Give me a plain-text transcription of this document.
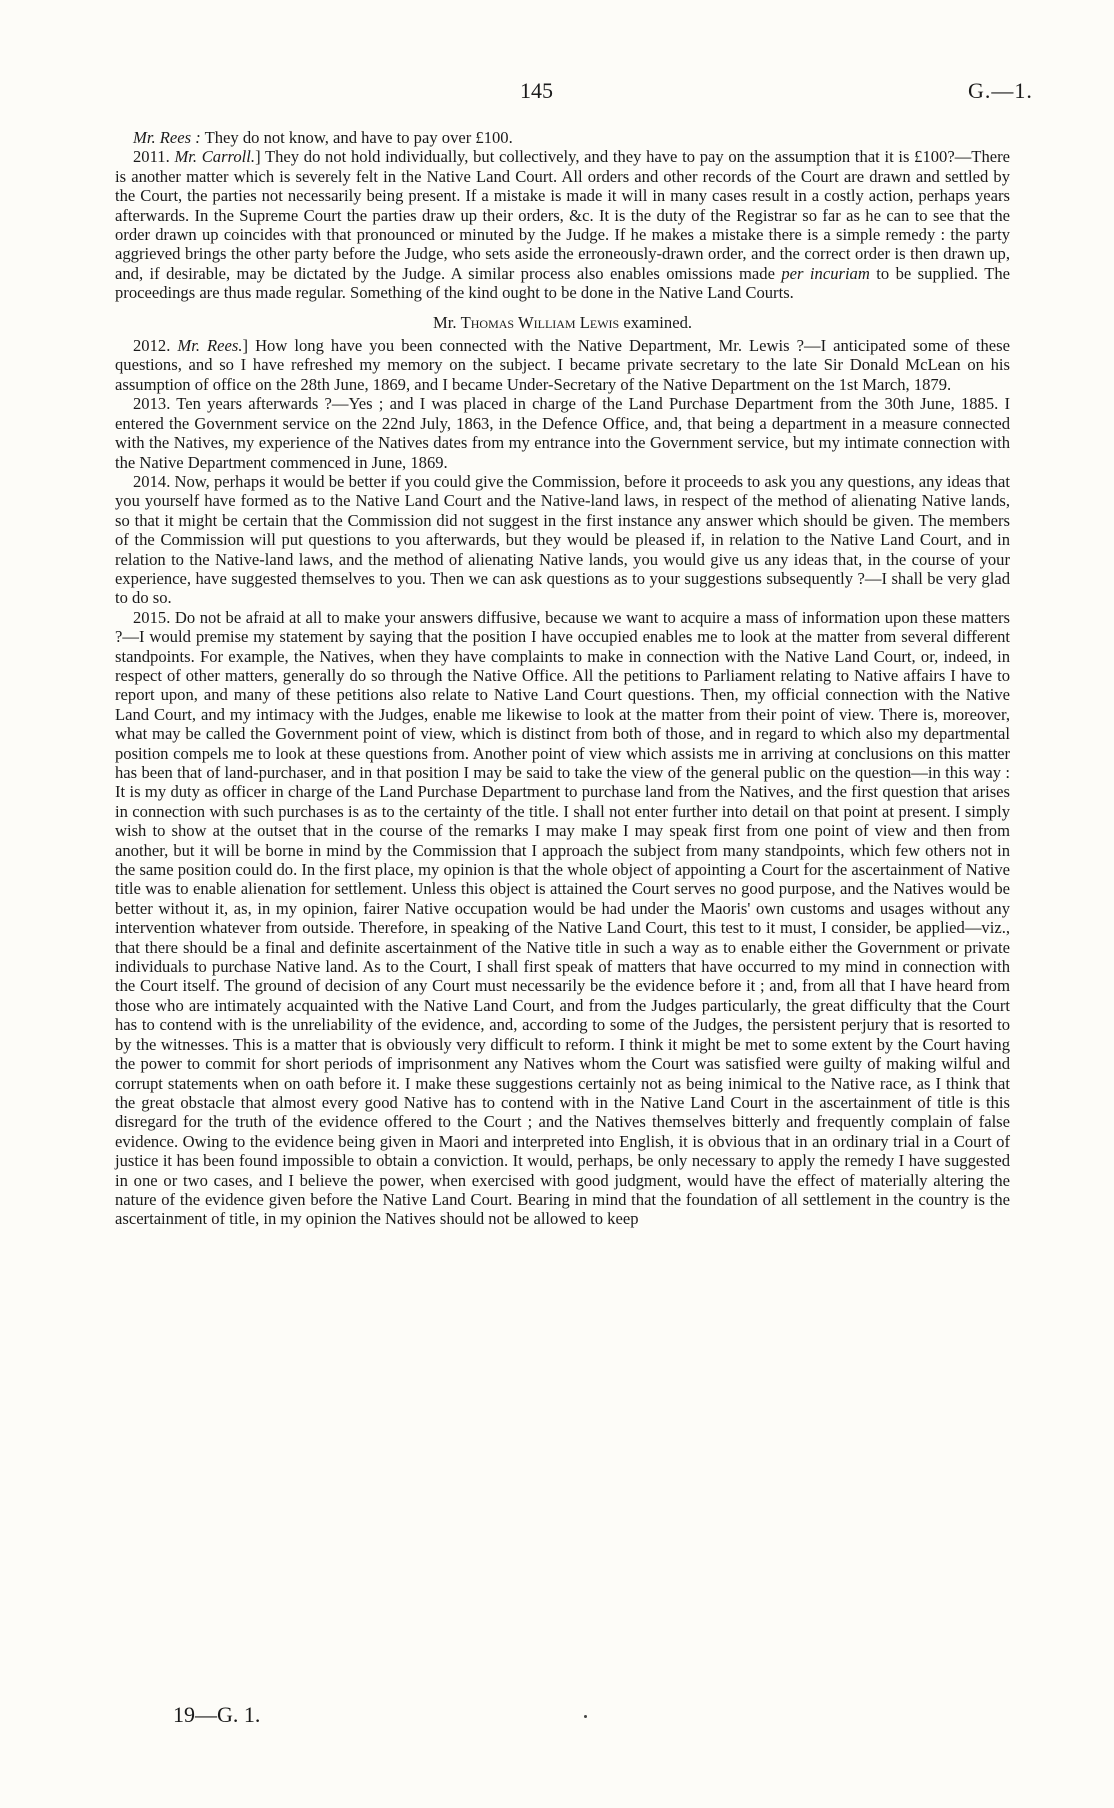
145	G.—1.

Mr. Rees : They do not know, and have to pay over £100.

2011. Mr. Carroll.] They do not hold individually, but collectively, and they have to pay on the assumption that it is £100?—There is another matter which is severely felt in the Native Land Court. All orders and other records of the Court are drawn and settled by the Court, the parties not necessarily being present. If a mistake is made it will in many cases result in a costly action, perhaps years afterwards. In the Supreme Court the parties draw up their orders, &c. It is the duty of the Registrar so far as he can to see that the order drawn up coincides with that pronounced or minuted by the Judge. If he makes a mistake there is a simple remedy : the party aggrieved brings the other party before the Judge, who sets aside the erroneously-drawn order, and the correct order is then drawn up, and, if desirable, may be dictated by the Judge. A similar process also enables omissions made per incuriam to be supplied. The proceedings are thus made regular. Something of the kind ought to be done in the Native Land Courts.

Mr. Thomas William Lewis examined.

2012. Mr. Rees.] How long have you been connected with the Native Department, Mr. Lewis ?—I anticipated some of these questions, and so I have refreshed my memory on the subject. I became private secretary to the late Sir Donald McLean on his assumption of office on the 28th June, 1869, and I became Under-Secretary of the Native Department on the 1st March, 1879.

2013. Ten years afterwards ?—Yes ; and I was placed in charge of the Land Purchase Department from the 30th June, 1885. I entered the Government service on the 22nd July, 1863, in the Defence Office, and, that being a department in a measure connected with the Natives, my experience of the Natives dates from my entrance into the Government service, but my intimate connection with the Native Department commenced in June, 1869.

2014. Now, perhaps it would be better if you could give the Commission, before it proceeds to ask you any questions, any ideas that you yourself have formed as to the Native Land Court and the Native-land laws, in respect of the method of alienating Native lands, so that it might be certain that the Commission did not suggest in the first instance any answer which should be given. The members of the Commission will put questions to you afterwards, but they would be pleased if, in relation to the Native Land Court, and in relation to the Native-land laws, and the method of alienating Native lands, you would give us any ideas that, in the course of your experience, have suggested themselves to you. Then we can ask questions as to your suggestions subsequently ?—I shall be very glad to do so.

2015. Do not be afraid at all to make your answers diffusive, because we want to acquire a mass of information upon these matters ?—I would premise my statement by saying that the position I have occupied enables me to look at the matter from several different standpoints. For example, the Natives, when they have complaints to make in connection with the Native Land Court, or, indeed, in respect of other matters, generally do so through the Native Office. All the petitions to Parliament relating to Native affairs I have to report upon, and many of these petitions also relate to Native Land Court questions. Then, my official connection with the Native Land Court, and my intimacy with the Judges, enable me likewise to look at the matter from their point of view. There is, moreover, what may be called the Government point of view, which is distinct from both of those, and in regard to which also my departmental position compels me to look at these questions from. Another point of view which assists me in arriving at conclusions on this matter has been that of land-purchaser, and in that position I may be said to take the view of the general public on the question—in this way : It is my duty as officer in charge of the Land Purchase Department to purchase land from the Natives, and the first question that arises in connection with such purchases is as to the certainty of the title. I shall not enter further into detail on that point at present. I simply wish to show at the outset that in the course of the remarks I may make I may speak first from one point of view and then from another, but it will be borne in mind by the Commission that I approach the subject from many standpoints, which few others not in the same position could do. In the first place, my opinion is that the whole object of appointing a Court for the ascertainment of Native title was to enable alienation for settlement. Unless this object is attained the Court serves no good purpose, and the Natives would be better without it, as, in my opinion, fairer Native occupation would be had under the Maoris' own customs and usages without any intervention whatever from outside. Therefore, in speaking of the Native Land Court, this test to it must, I consider, be applied—viz., that there should be a final and definite ascertainment of the Native title in such a way as to enable either the Government or private individuals to purchase Native land. As to the Court, I shall first speak of matters that have occurred to my mind in connection with the Court itself. The ground of decision of any Court must necessarily be the evidence before it ; and, from all that I have heard from those who are intimately acquainted with the Native Land Court, and from the Judges particularly, the great difficulty that the Court has to contend with is the unreliability of the evidence, and, according to some of the Judges, the persistent perjury that is resorted to by the witnesses. This is a matter that is obviously very difficult to reform. I think it might be met to some extent by the Court having the power to commit for short periods of imprisonment any Natives whom the Court was satisfied were guilty of making wilful and corrupt statements when on oath before it. I make these suggestions certainly not as being inimical to the Native race, as I think that the great obstacle that almost every good Native has to contend with in the Native Land Court in the ascertainment of title is this disregard for the truth of the evidence offered to the Court ; and the Natives themselves bitterly and frequently complain of false evidence. Owing to the evidence being given in Maori and interpreted into English, it is obvious that in an ordinary trial in a Court of justice it has been found impossible to obtain a conviction. It would, perhaps, be only necessary to apply the remedy I have suggested in one or two cases, and I believe the power, when exercised with good judgment, would have the effect of materially altering the nature of the evidence given before the Native Land Court. Bearing in mind that the foundation of all settlement in the country is the ascertainment of title, in my opinion the Natives should not be allowed to keep

19—G. 1.
